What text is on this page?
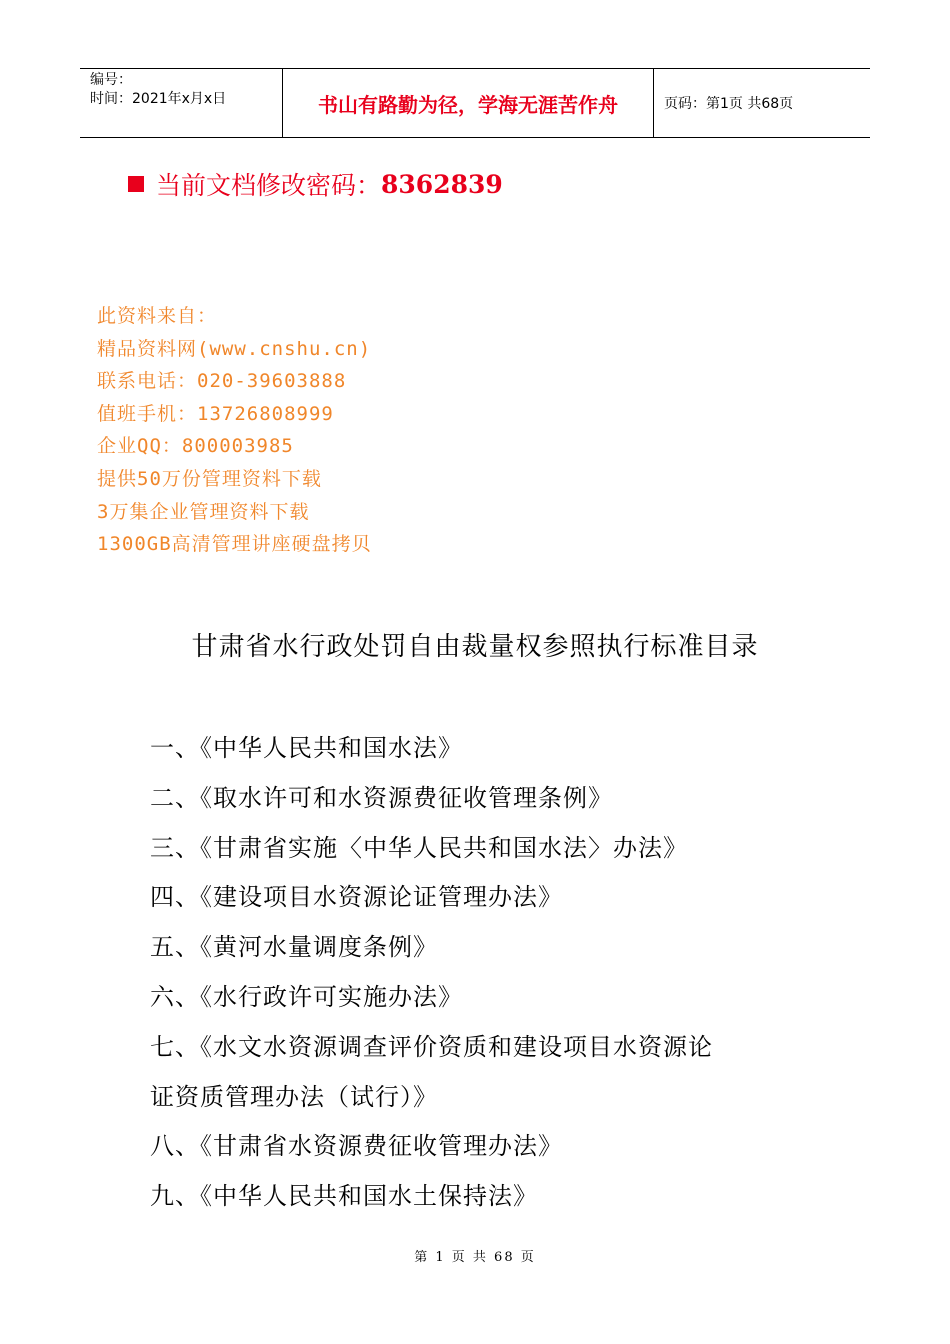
编号：
时间：2021年x月x日	书山有路勤为径，学海无涯苦作舟	页码：第1页 共68页
当前文档修改密码： 8362839
此资料来自：
精品资料网(www.cnshu.cn)
联系电话：020-39603888
值班手机：13726808999
企业QQ：800003985
提供50万份管理资料下载
3万集企业管理资料下载
1300GB高清管理讲座硬盘拷贝
甘肃省水行政处罚自由裁量权参照执行标准目录
一、《中华人民共和国水法》
二、《取水许可和水资源费征收管理条例》
三、《甘肃省实施〈中华人民共和国水法〉办法》
四、《建设项目水资源论证管理办法》
五、《黄河水量调度条例》
六、《水行政许可实施办法》
七、《水文水资源调查评价资质和建设项目水资源论
证资质管理办法（试行）》
八、《甘肃省水资源费征收管理办法》
九、《中华人民共和国水土保持法》
第 1 页 共 68 页
